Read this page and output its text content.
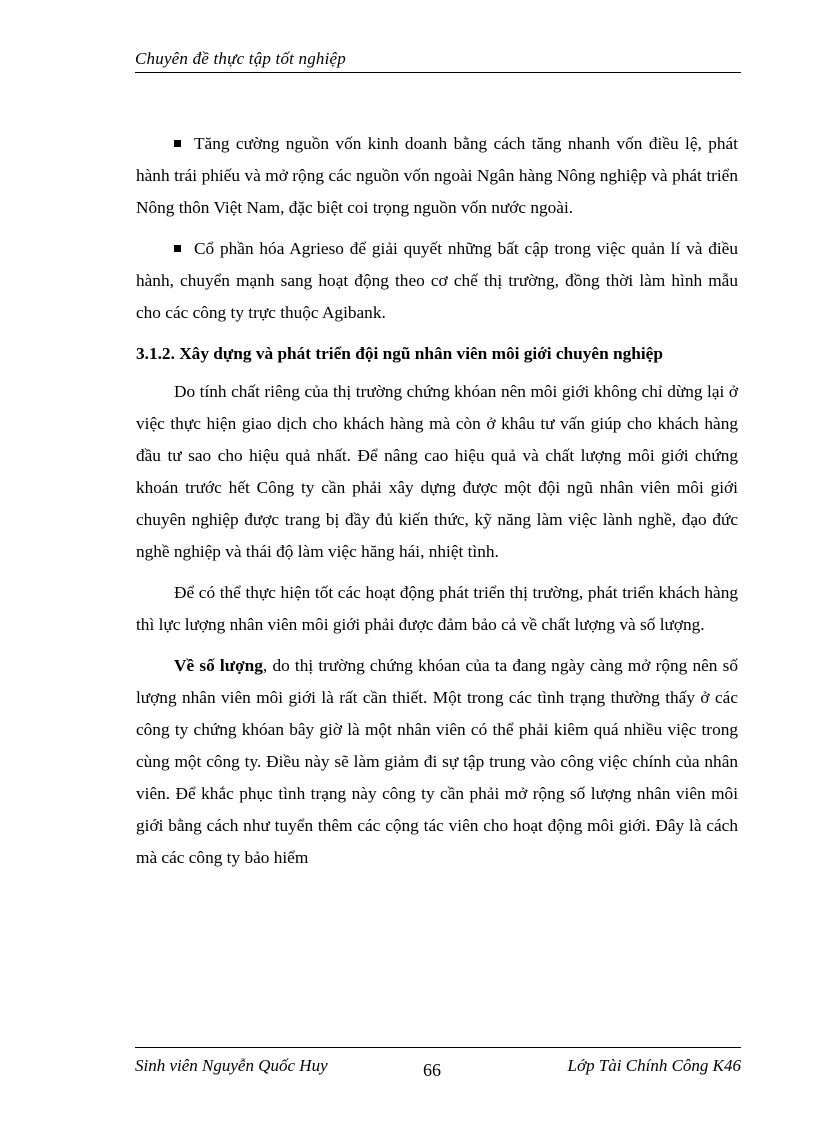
Chuyên đề thực tập tốt nghiệp

Tăng cường nguồn vốn kinh doanh bằng cách tăng nhanh vốn điều lệ, phát hành trái phiếu và mở rộng các nguồn vốn ngoài Ngân hàng Nông nghiệp và phát triển Nông thôn Việt Nam, đặc biệt coi trọng nguồn vốn nước ngoài.

Cổ phần hóa Agrieso để giải quyết những bất cập trong việc quản lí và điều hành, chuyển mạnh sang hoạt động theo cơ chế thị trường, đồng thời làm hình mẫu cho các công ty trực thuộc Agibank.

3.1.2. Xây dựng và phát triển đội ngũ nhân viên môi giới chuyên nghiệp

Do tính chất riêng của thị trường chứng khóan nên môi giới không chỉ dừng lại ở việc thực hiện giao dịch cho khách hàng mà còn ở khâu tư vấn giúp cho khách hàng đầu tư sao cho hiệu quả nhất. Để nâng cao hiệu quả và chất lượng môi giới chứng khoán trước hết Công ty cần phải xây dựng được một đội ngũ nhân viên môi giới chuyên nghiệp được trang bị đầy đủ kiến thức, kỹ năng làm việc lành nghề, đạo đức nghề nghiệp và thái độ làm việc hăng hái, nhiệt tình.

Để có thể thực hiện tốt các hoạt động phát triển thị trường, phát triển khách hàng thì lực lượng nhân viên môi giới phải được đảm bảo cả về chất lượng và số lượng.

Về số lượng, do thị trường chứng khóan của ta đang ngày càng mở rộng nên số lượng nhân viên môi giới là rất cần thiết. Một trong các tình trạng thường thấy ở các công ty chứng khóan bây giờ là một nhân viên có thể phải kiêm quá nhiều việc trong cùng một công ty. Điều này sẽ làm giảm đi sự tập trung vào công việc chính của nhân viên. Để khắc phục tình trạng này công ty cần phải mở rộng số lượng nhân viên môi giới bằng cách như tuyển thêm các cộng tác viên cho hoạt động môi giới. Đây là cách mà các công ty bảo hiểm

Sinh viên Nguyễn Quốc Huy	66	Lớp Tài Chính Công K46
